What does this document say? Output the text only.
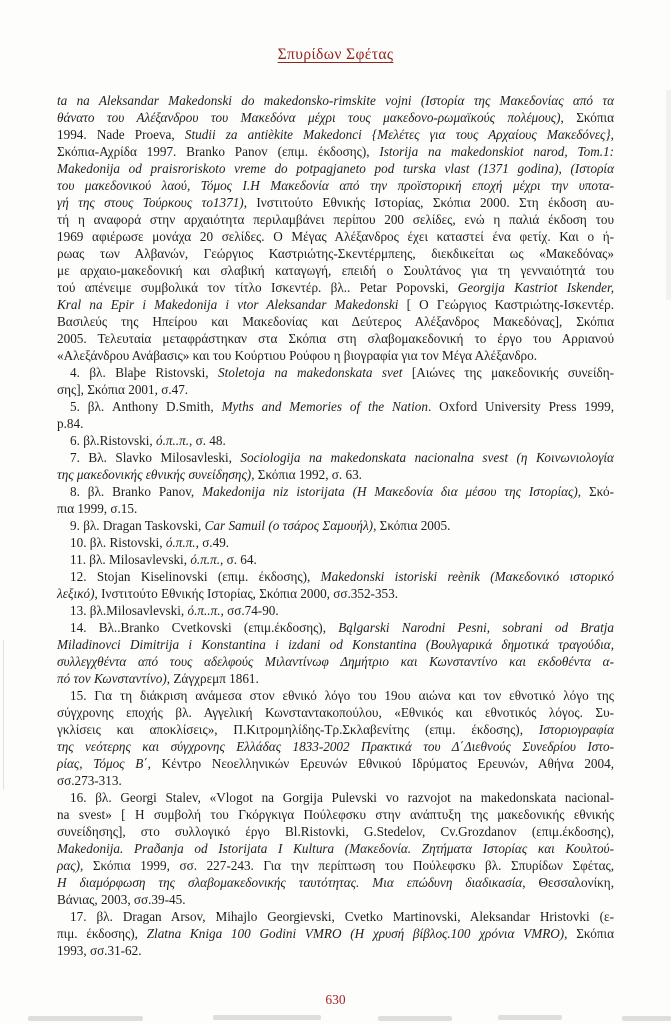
Σπυρίδων Σφέτας
ta na Aleksandar Makedonski do makedonsko-rimskite vojni (Ιστορία της Μακεδονίας από τα
θάνατο του Αλέξανδρου του Μακεδόνα μέχρι τους μακεδονο-ρωμαϊκούς πολέμους), Σκόπια
1994. Nade Proeva, Studii za antièkite Makedonci {Μελέτες για τους Αρχαίους Μακεδόνες},
Σκόπια-Αχρίδα 1997. Branko Panov (επιμ. έκδοσης), Istorija na makedonskiot narod, Tom.1:
Makedonija od praisroriskoto vreme do potpagjaneto pod turska vlast (1371 godina), (Ιστορία
του μακεδονικού λαού, Τόμος Ι.Η Μακεδονία από την προϊστορική εποχή μέχρι την υποτα-
γή της στους Τούρκους το1371), Ινστιτούτο Εθνικής Ιστορίας, Σκόπια 2000. Στη έκδοση αυ-
τή η αναφορά στην αρχαιότητα περιλαμβάνει περίπου 200 σελίδες, ενώ η παλιά έκδοση του
1969 αφιέρωσε μονάχα 20 σελίδες. Ο Μέγας Αλέξανδρος έχει καταστεί ένα φετίχ. Και ο ή-
ρωας των Αλβανών, Γεώργιος Καστριώτης-Σκεντέρμπεης, διεκδικείται ως «Μακεδόνας»
με αρχαιο-μακεδονική και σλαβική καταγωγή, επειδή ο Σουλτάνος για τη γενναιότητά του
τού απένειμε συμβολικά τον τίτλο Ισκεντέρ. βλ.. Petar Popovski, Georgija Kastriot Iskender,
Kral na Epir i Makedonija i vtor Aleksandar Makedonski [ Ο Γεώργιος Καστριώτης-Ισκεντέρ.
Βασιλεύς της Ηπείρου και Μακεδονίας και Δεύτερος Αλέξανδρος Μακεδόνας], Σκόπια
2005. Τελευταία μεταφράστηκαν στα Σκόπια στη σλαβομακεδονική το έργο του Αρριανού
«Αλεξάνδρου Ανάβασις» και του Κούρτιου Ρούφου η βιογραφία για τον Μέγα Αλέξανδρο.
4. βλ. Blaþe Ristovski, Stoletoja na makedonskata svet [Αιώνες της μακεδονικής συνείδη-
σης], Σκόπια 2001, σ.47.
5. βλ. Anthony D.Smith, Myths and Memories of the Nation. Oxford University Press 1999,
p.84.
6. βλ.Ristovski, ό.π..π., σ. 48.
7. Βλ. Slavko Milosavleski, Sociologija na makedonskata nacionalna svest (η Κοινωνιολογία
της μακεδονικής εθνικής συνείδησης), Σκόπια 1992, σ. 63.
8. βλ. Branko Panov, Makedonija niz istorijata (Η Μακεδονία δια μέσου της Ιστορίας), Σκό-
πια 1999, σ.15.
9. βλ. Dragan Taskovski, Car Samuil (ο τσάρος Σαμουήλ), Σκόπια 2005.
10. βλ. Ristovski, ό.π.π., σ.49.
11. βλ. Milosavlevski, ό.π.π., σ. 64.
12. Stojan Kiselinovski (επιμ. έκδοσης), Makedonski istoriski reènik (Μακεδονικό ιστορικό
λεξικό), Ινστιτούτο Εθνικής Ιστορίας, Σκόπια 2000, σσ.352-353.
13. βλ.Milosavlevski, ό.π..π., σσ.74-90.
14. Βλ..Branko Cvetkovski (επιμ.έκδοσης), Bąlgarski Narodni Pesni, sobrani od Bratja
Miladinovci Dimitrija i Konstantina i izdani od Konstantina (Βουλγαρικά δημοτικά τραγούδια,
συλλεγχθέντα από τους αδελφούς Μιλαντίνωφ Δημήτριο και Κωνσταντίνο και εκδοθέντα α-
πό τον Κωνσταντίνο), Ζάγχρεμπ 1861.
15. Για τη διάκριση ανάμεσα στον εθνικό λόγο του 19ου αιώνα και τον εθνοτικό λόγο της
σύγχρονης εποχής βλ. Αγγελική Κωνσταντακοπούλου, «Εθνικός και εθνοτικός λόγος. Συ-
γκλίσεις και αποκλίσεις», Π.Κιτρομηλίδης-Τρ.Σκλαβενίτης (επιμ. έκδοσης), Ιστοριογραφία
της νεότερης και σύγχρονης Ελλάδας 1833-2002 Πρακτικά του Δ΄Διεθνούς Συνεδρίου Ιστο-
ρίας, Τόμος Β΄, Κέντρο Νεοελληνικών Ερευνών Εθνικού Ιδρύματος Ερευνών, Αθήνα 2004,
σσ.273-313.
16. βλ. Georgi Stalev, «Vlogot na Gorgija Pulevski vo razvojot na makedonskata nacional-
na svest» [ Η συμβολή του Γκόργκιγα Πούλεφσκυ στην ανάπτυξη της μακεδονικής εθνικής
συνείδησης], στο συλλογικό έργο Bl.Ristovki, G.Stedelov, Cv.Grozdanov (επιμ.έκδοσης),
Makedonija. Praðanja od Istorijata I Kultura (Μακεδονία. Ζητήματα Ιστορίας και Κουλτού-
ρας), Σκόπια 1999, σσ. 227-243. Για την περίπτωση του Πούλεφσκυ βλ. Σπυρίδων Σφέτας,
Η διαμόρφωση της σλαβομακεδονικής ταυτότητας. Μια επώδυνη διαδικασία, Θεσσαλονίκη,
Βάνιας, 2003, σσ.39-45.
17. βλ. Dragan Arsov, Mihajlo Georgievski, Cvetko Martinovski, Aleksandar Hristovki (ε-
πιμ. έκδοσης), Zlatna Kniga 100 Godini VMRO (Η χρυσή βίβλος.100 χρόνια VMRO), Σκόπια
1993, σσ.31-62.
630
